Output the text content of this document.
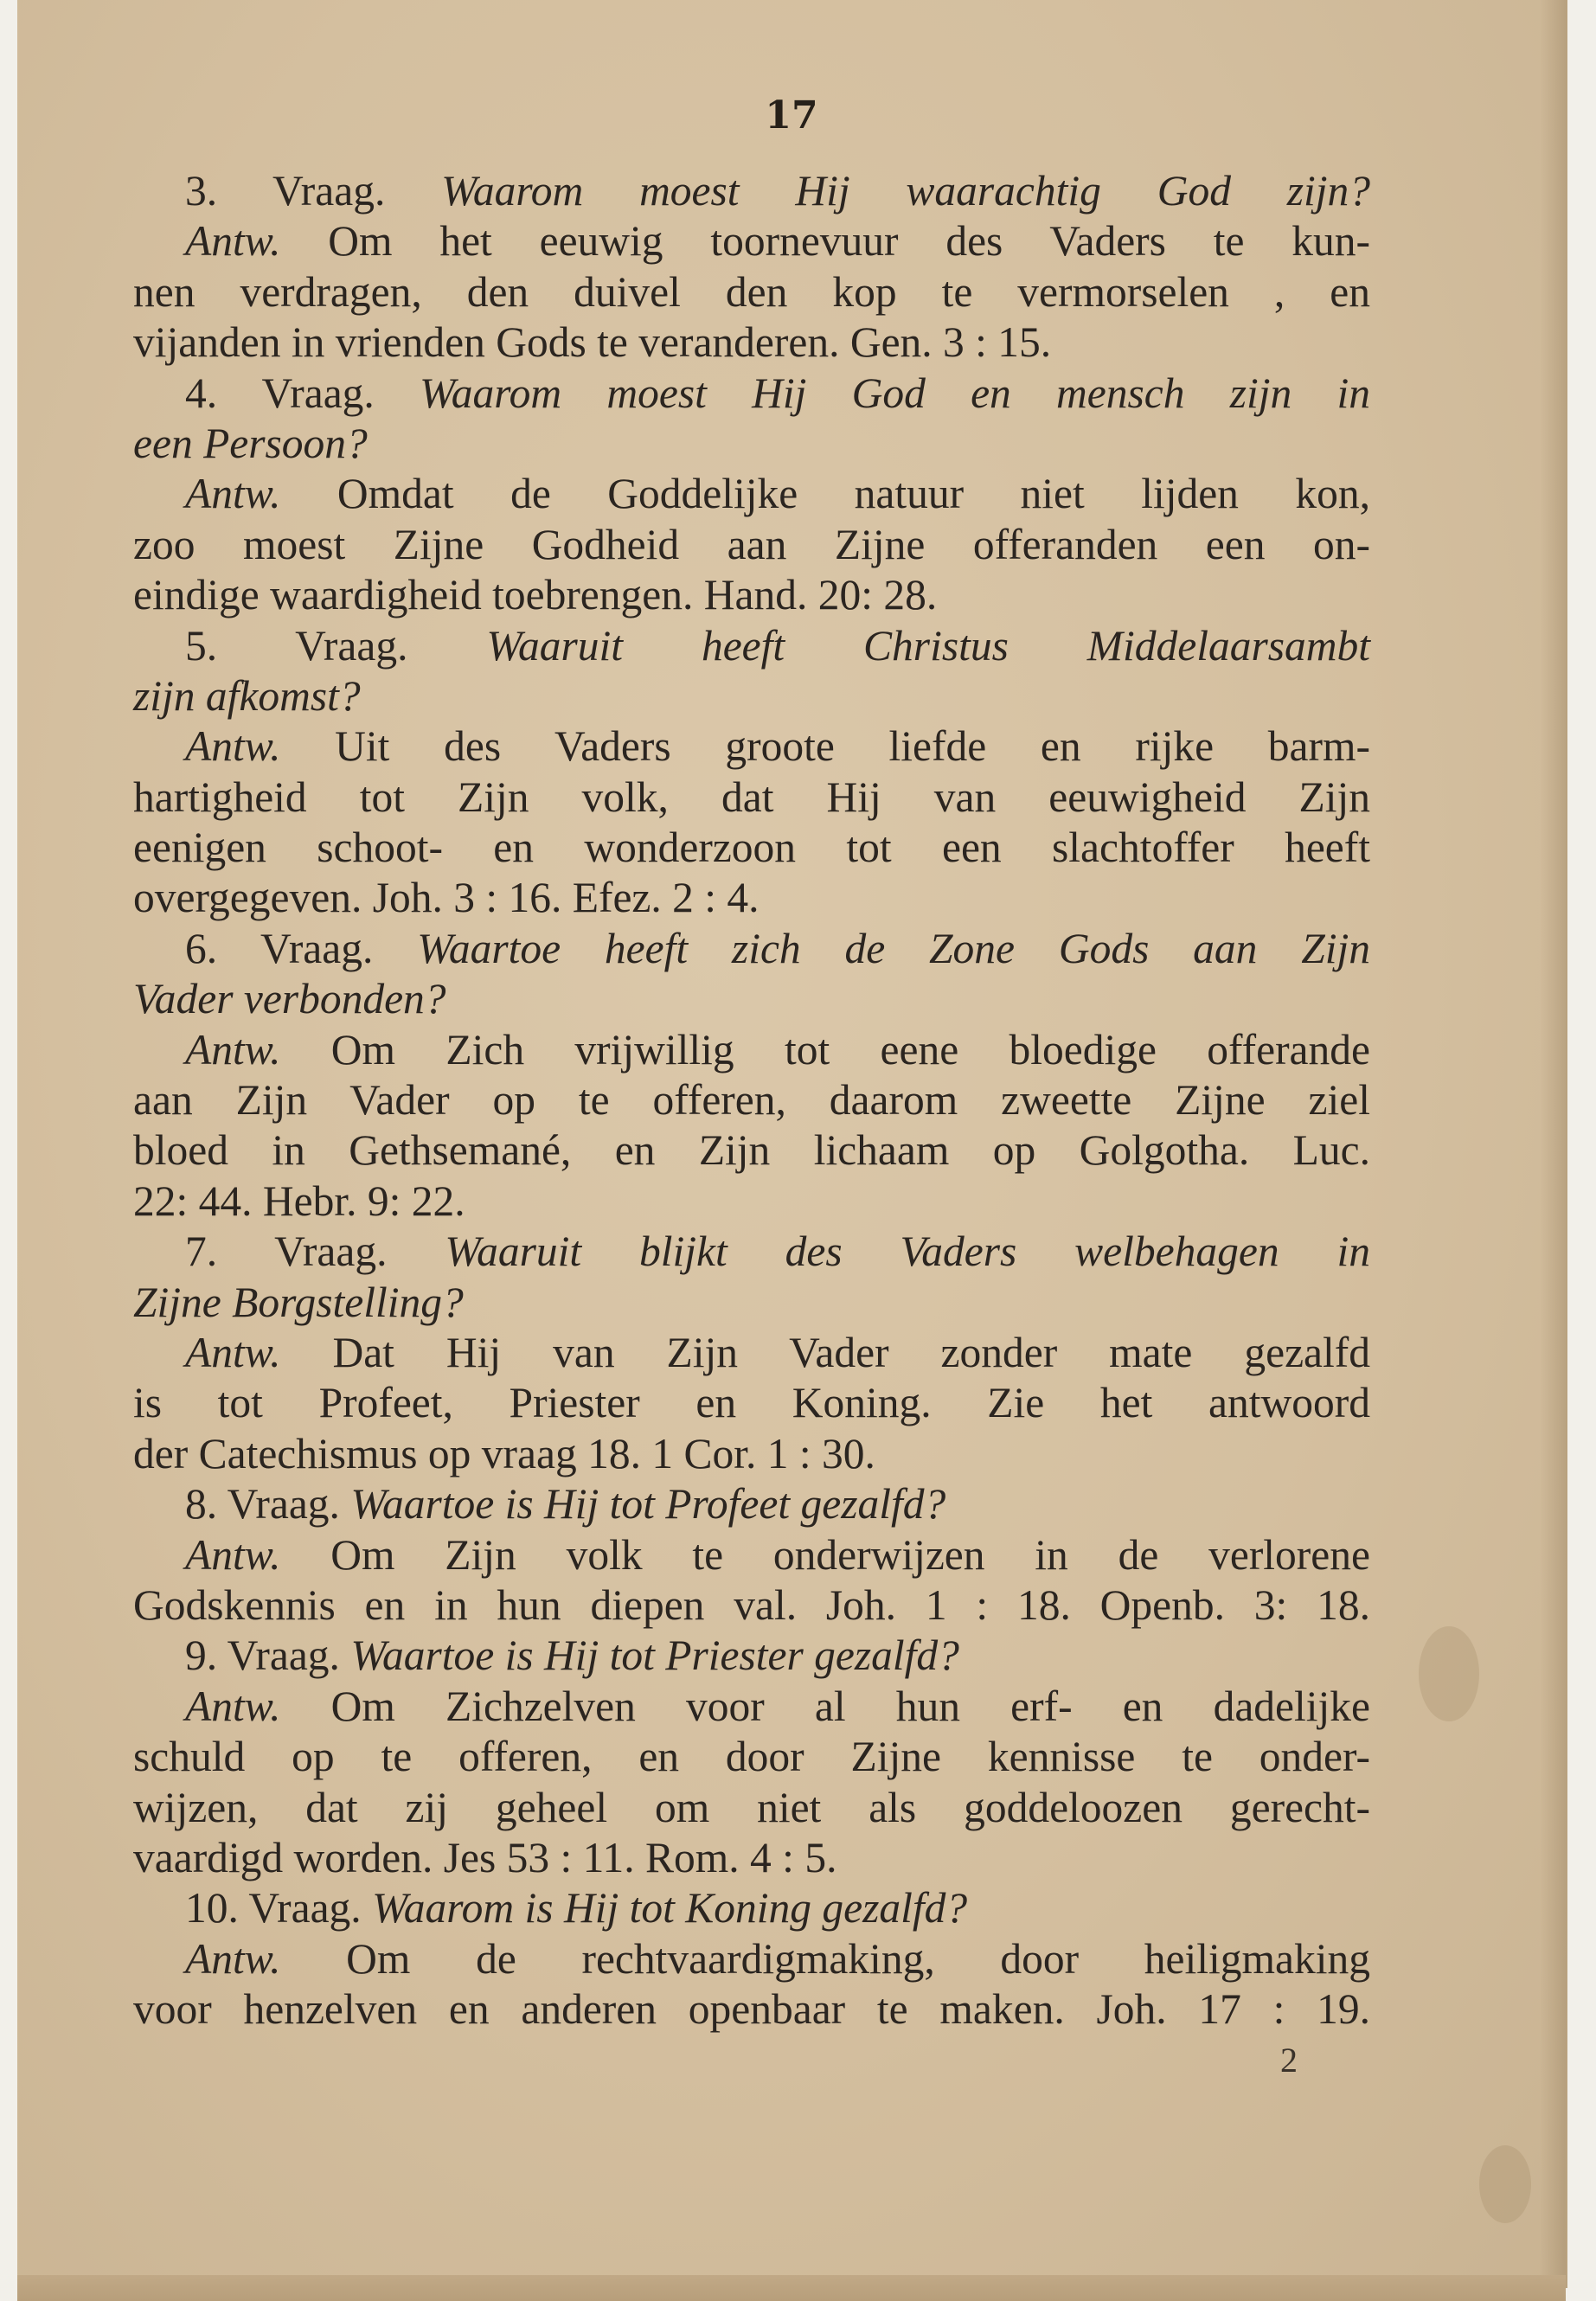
17
3. Vraag. Waarom moest Hij waarachtig God zijn?
Antw. Om het eeuwig toornevuur des Vaders te kun-
nen verdragen, den duivel den kop te vermorselen , en
vijanden in vrienden Gods te veranderen. Gen. 3 : 15.
4. Vraag. Waarom moest Hij God en mensch zijn in
een Persoon?
Antw. Omdat de Goddelijke natuur niet lijden kon,
zoo moest Zijne Godheid aan Zijne offeranden een on-
eindige waardigheid toebrengen. Hand. 20: 28.
5. Vraag. Waaruit heeft Christus Middelaarsambt
zijn afkomst?
Antw. Uit des Vaders groote liefde en rijke barm-
hartigheid tot Zijn volk, dat Hij van eeuwigheid Zijn
eenigen schoot- en wonderzoon tot een slachtoffer heeft
overgegeven. Joh. 3 : 16. Efez. 2 : 4.
6. Vraag. Waartoe heeft zich de Zone Gods aan Zijn
Vader verbonden?
Antw. Om Zich vrijwillig tot eene bloedige offerande
aan Zijn Vader op te offeren, daarom zweette Zijne ziel
bloed in Gethsemané, en Zijn lichaam op Golgotha. Luc.
22: 44. Hebr. 9: 22.
7. Vraag. Waaruit blijkt des Vaders welbehagen in
Zijne Borgstelling?
Antw. Dat Hij van Zijn Vader zonder mate gezalfd
is tot Profeet, Priester en Koning. Zie het antwoord
der Catechismus op vraag 18. 1 Cor. 1 : 30.
8. Vraag. Waartoe is Hij tot Profeet gezalfd?
Antw. Om Zijn volk te onderwijzen in de verlorene
Godskennis en in hun diepen val. Joh. 1 : 18. Openb. 3: 18.
9. Vraag. Waartoe is Hij tot Priester gezalfd?
Antw. Om Zichzelven voor al hun erf- en dadelijke
schuld op te offeren, en door Zijne kennisse te onder-
wijzen, dat zij geheel om niet als goddeloozen gerecht-
vaardigd worden. Jes 53 : 11. Rom. 4 : 5.
10. Vraag. Waarom is Hij tot Koning gezalfd?
Antw. Om de rechtvaardigmaking, door heiligmaking
voor henzelven en anderen openbaar te maken. Joh. 17 : 19.
2
